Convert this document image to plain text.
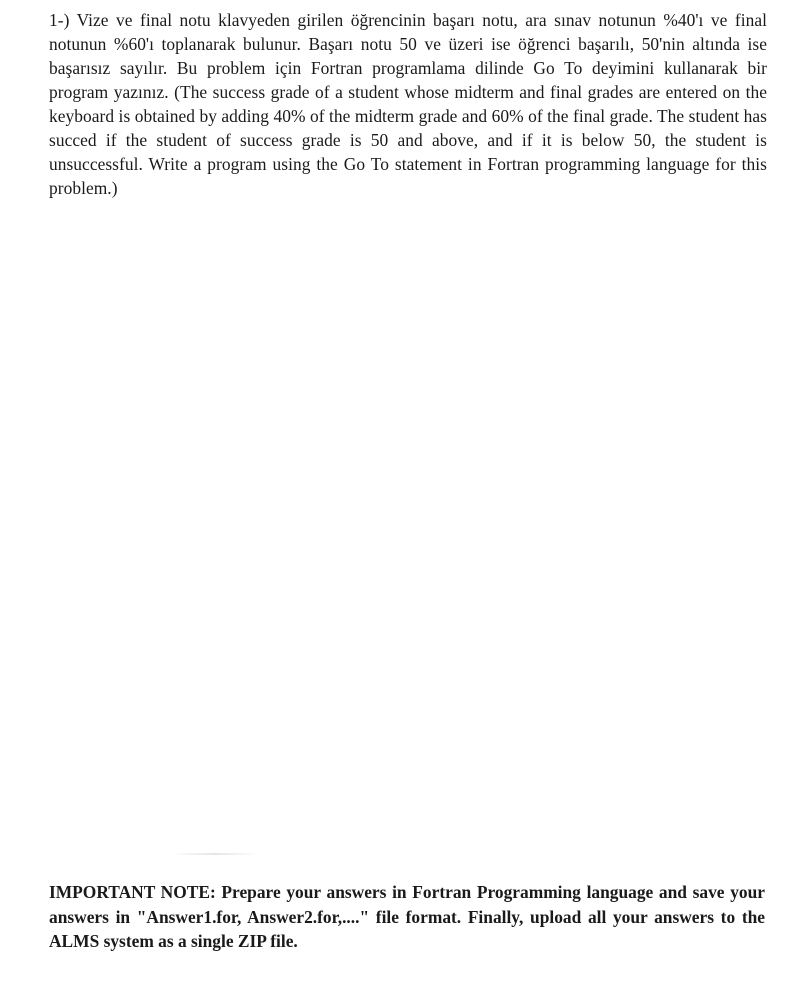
1-) Vize ve final notu klavyeden girilen öğrencinin başarı notu, ara sınav notunun %40'ı ve final notunun %60'ı toplanarak bulunur. Başarı notu 50 ve üzeri ise öğrenci başarılı, 50'nin altında ise başarısız sayılır. Bu problem için Fortran programlama dilinde Go To deyimini kullanarak bir program yazınız. (The success grade of a student whose midterm and final grades are entered on the keyboard is obtained by adding 40% of the midterm grade and 60% of the final grade. The student has succed if the student of success grade is 50 and above, and if it is below 50, the student is unsuccessful. Write a program using the Go To statement in Fortran programming language for this problem.)

IMPORTANT NOTE: Prepare your answers in Fortran Programming language and save your answers in "Answer1.for, Answer2.for,...." file format. Finally, upload all your answers to the ALMS system as a single ZIP file.
